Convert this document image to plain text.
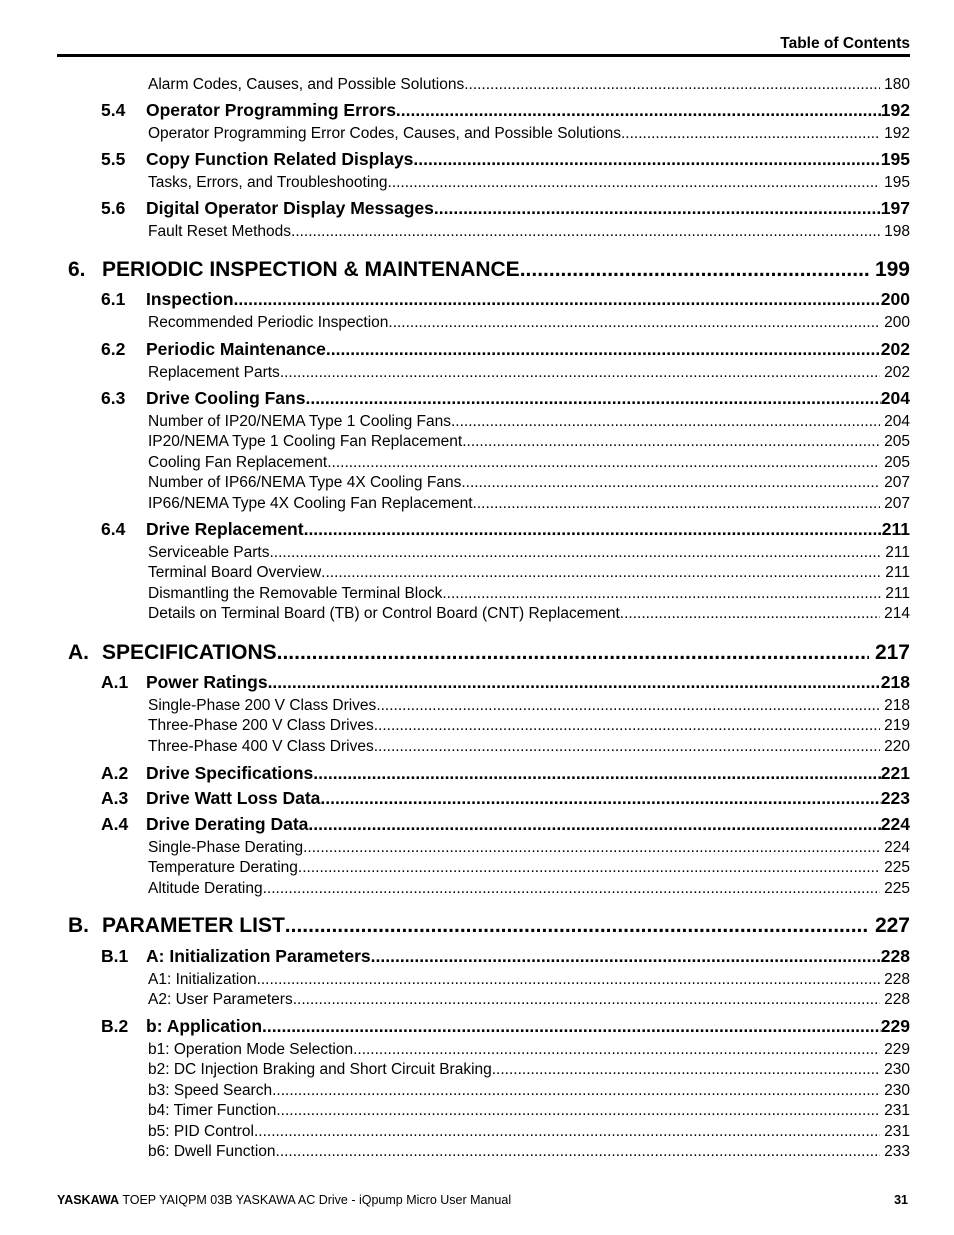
Table of Contents
Alarm Codes, Causes, and Possible Solutions .....	180
5.4 Operator Programming Errors .....	192
Operator Programming Error Codes, Causes, and Possible Solutions .....	192
5.5 Copy Function Related Displays .....	195
Tasks, Errors, and Troubleshooting .....	195
5.6 Digital Operator Display Messages .....	197
Fault Reset Methods .....	198
6. PERIODIC INSPECTION & MAINTENANCE .....	199
6.1 Inspection .....	200
Recommended Periodic Inspection .....	200
6.2 Periodic Maintenance .....	202
Replacement Parts .....	202
6.3 Drive Cooling Fans .....	204
Number of IP20/NEMA Type 1 Cooling Fans .....	204
IP20/NEMA Type 1 Cooling Fan Replacement .....	205
Cooling Fan Replacement .....	205
Number of IP66/NEMA Type 4X Cooling Fans .....	207
IP66/NEMA Type 4X Cooling Fan Replacement .....	207
6.4 Drive Replacement .....	211
Serviceable Parts .....	211
Terminal Board Overview .....	211
Dismantling the Removable Terminal Block .....	211
Details on Terminal Board (TB) or Control Board (CNT) Replacement .....	214
A. SPECIFICATIONS .....	217
A.1 Power Ratings .....	218
Single-Phase 200 V Class Drives .....	218
Three-Phase 200 V Class Drives .....	219
Three-Phase 400 V Class Drives .....	220
A.2 Drive Specifications .....	221
A.3 Drive Watt Loss Data .....	223
A.4 Drive Derating Data .....	224
Single-Phase Derating .....	224
Temperature Derating .....	225
Altitude Derating .....	225
B. PARAMETER LIST .....	227
B.1 A: Initialization Parameters .....	228
A1: Initialization .....	228
A2: User Parameters .....	228
B.2 b: Application .....	229
b1: Operation Mode Selection .....	229
b2: DC Injection Braking and Short Circuit Braking .....	230
b3: Speed Search .....	230
b4: Timer Function .....	231
b5: PID Control .....	231
b6: Dwell Function .....	233
YASKAWA TOEP YAIQPM 03B YASKAWA AC Drive - iQpump Micro User Manual	31
